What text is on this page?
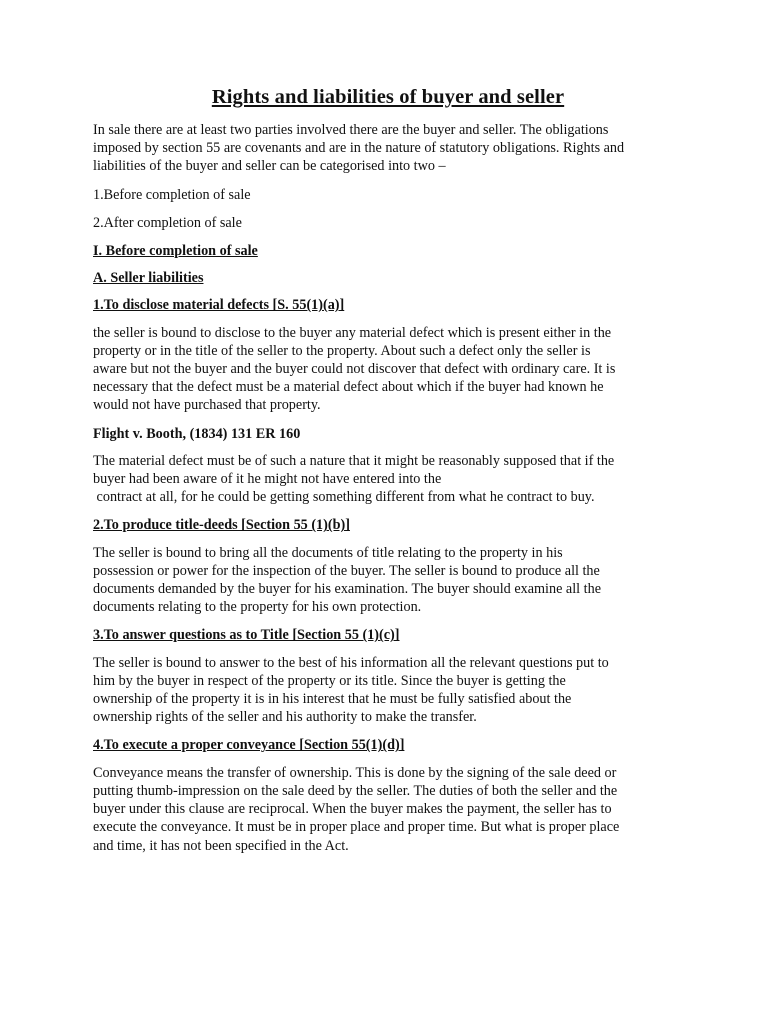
Rights and liabilities of buyer and seller

In sale there are at least two parties involved there are the buyer and seller. The obligations
imposed by section 55 are covenants and are in the nature of statutory obligations. Rights and
liabilities of the buyer and seller can be categorised into two –

1.Before completion of sale

2.After completion of sale

I. Before completion of sale

A. Seller liabilities

1.To disclose material defects [S. 55(1)(a)]

the seller is bound to disclose to the buyer any material defect which is present either in the
property or in the title of the seller to the property. About such a defect only the seller is
aware but not the buyer and the buyer could not discover that defect with ordinary care. It is
necessary that the defect must be a material defect about which if the buyer had known he
would not have purchased that property.

Flight v. Booth, (1834) 131 ER 160

The material defect must be of such a nature that it might be reasonably supposed that if the
buyer had been aware of it he might not have entered into the
contract at all, for he could be getting something different from what he contract to buy.

2.To produce title-deeds [Section 55 (1)(b)]

The seller is bound to bring all the documents of title relating to the property in his
possession or power for the inspection of the buyer. The seller is bound to produce all the
documents demanded by the buyer for his examination. The buyer should examine all the
documents relating to the property for his own protection.

3.To answer questions as to Title [Section 55 (1)(c)]

The seller is bound to answer to the best of his information all the relevant questions put to
him by the buyer in respect of the property or its title. Since the buyer is getting the
ownership of the property it is in his interest that he must be fully satisfied about the
ownership rights of the seller and his authority to make the transfer.

4.To execute a proper conveyance [Section 55(1)(d)]

Conveyance means the transfer of ownership. This is done by the signing of the sale deed or
putting thumb-impression on the sale deed by the seller. The duties of both the seller and the
buyer under this clause are reciprocal. When the buyer makes the payment, the seller has to
execute the conveyance. It must be in proper place and proper time. But what is proper place
and time, it has not been specified in the Act.
